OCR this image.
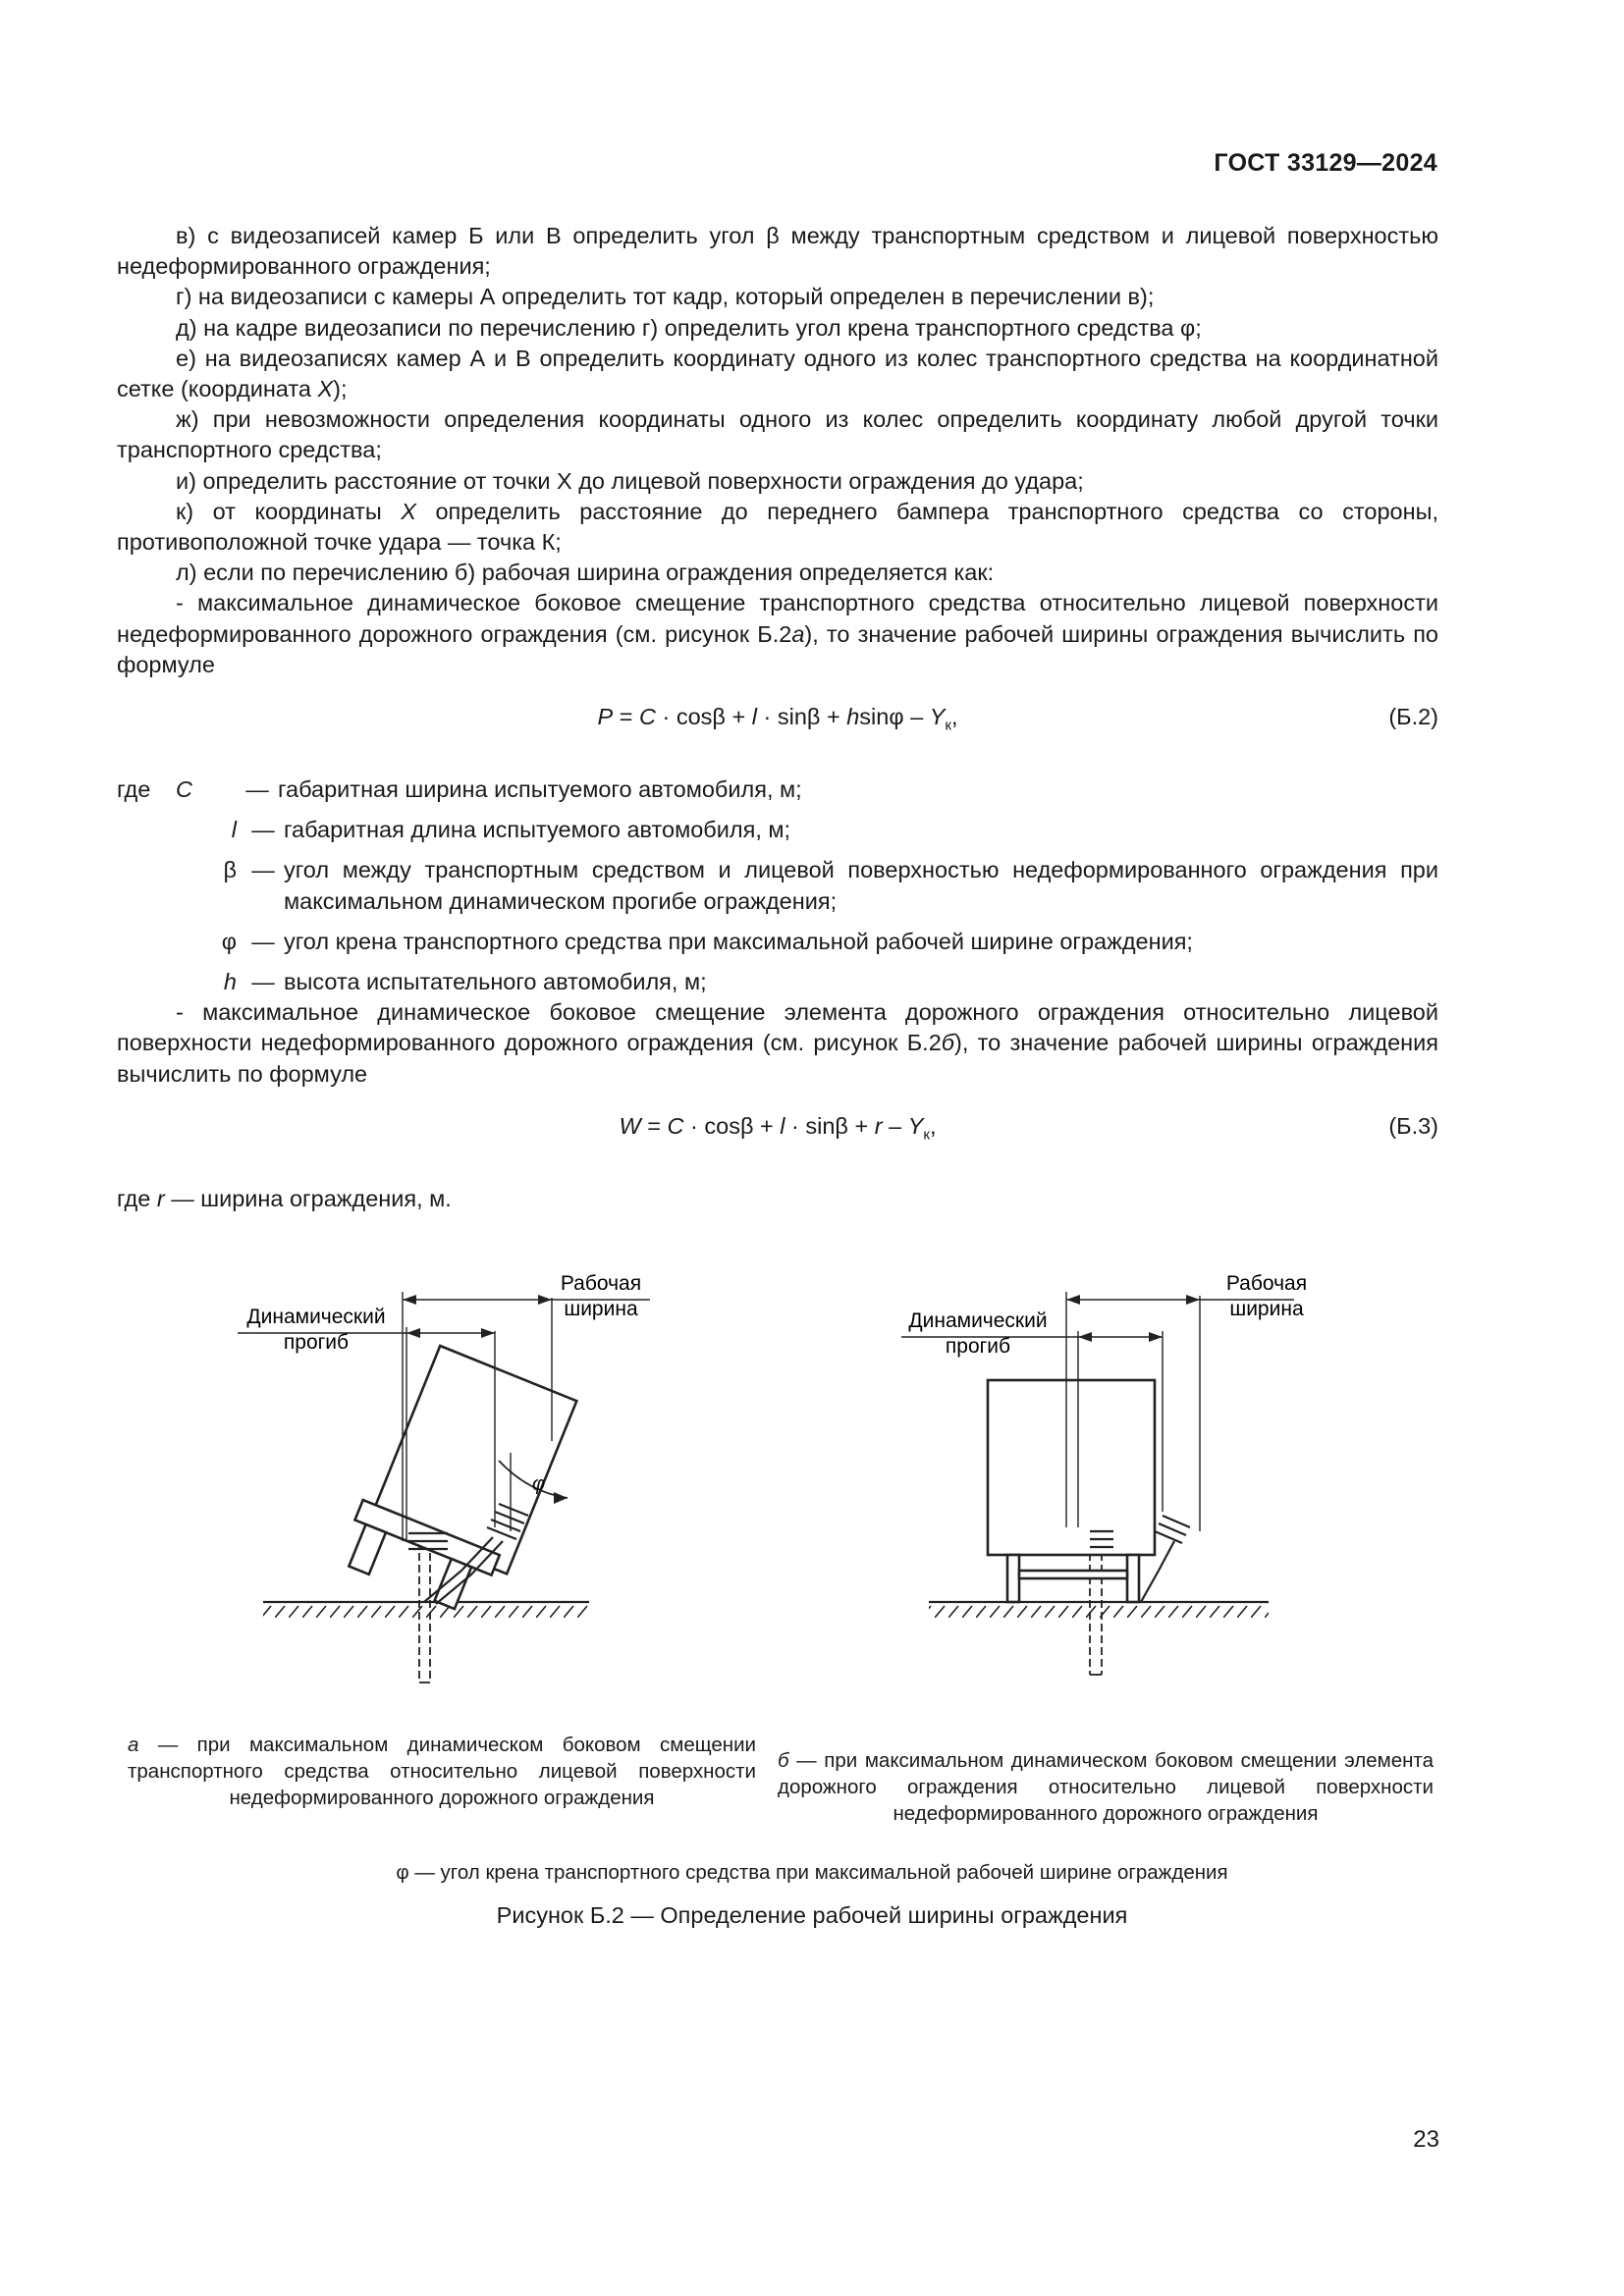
ГОСТ 33129—2024

в) с видеозаписей камер Б или В определить угол β между транспортным средством и лицевой поверхностью недеформированного ограждения;

г) на видеозаписи с камеры А определить тот кадр, который определен в перечислении в);

д) на кадре видеозаписи по перечислению г) определить угол крена транспортного средства φ;

е) на видеозаписях камер А и В определить координату одного из колес транспортного средства на координатной сетке (координата X);

ж) при невозможности определения координаты одного из колес определить координату любой другой точки транспортного средства;

и) определить расстояние от точки X до лицевой поверхности ограждения до удара;

к) от координаты X определить расстояние до переднего бампера транспортного средства со стороны, противоположной точке удара — точка К;

л) если по перечислению б) рабочая ширина ограждения определяется как:

- максимальное динамическое боковое смещение транспортного средства относительно лицевой поверхности недеформированного дорожного ограждения (см. рисунок Б.2а), то значение рабочей ширины ограждения вычислить по формуле

$P = C \cdot \cos\beta + l \cdot \sin\beta + hsin\varphi - Y_к$,	(Б.2)
где	C	— габаритная ширина испытуемого автомобиля, м;
l — габаритная длина испытуемого автомобиля, м;
β — угол между транспортным средством и лицевой поверхностью недеформированного ограждения при максимальном динамическом прогибе ограждения;
φ — угол крена транспортного средства при максимальной рабочей ширине ограждения;
h — высота испытательного автомобиля, м;

- максимальное динамическое боковое смещение элемента дорожного ограждения относительно лицевой поверхности недеформированного дорожного ограждения (см. рисунок Б.2б), то значение рабочей ширины ограждения вычислить по формуле

$W = C \cdot \cos\beta + l \cdot \sin\beta + r - Y_к$,	(Б.3)

где r — ширина ограждения, м.

Рабочая
ширина
Динамический
прогиб
φ
Рабочая
ширина
Динамический
прогиб
а — при максимальном динамическом боковом смещении транспортного средства относительно лицевой поверхности недеформированного дорожного ограждения
б — при максимальном динамическом боковом смещении элемента дорожного ограждения относительно лицевой поверхности недеформированного дорожного ограждения
φ — угол крена транспортного средства при максимальной рабочей ширине ограждения
Рисунок Б.2 — Определение рабочей ширины ограждения
23
